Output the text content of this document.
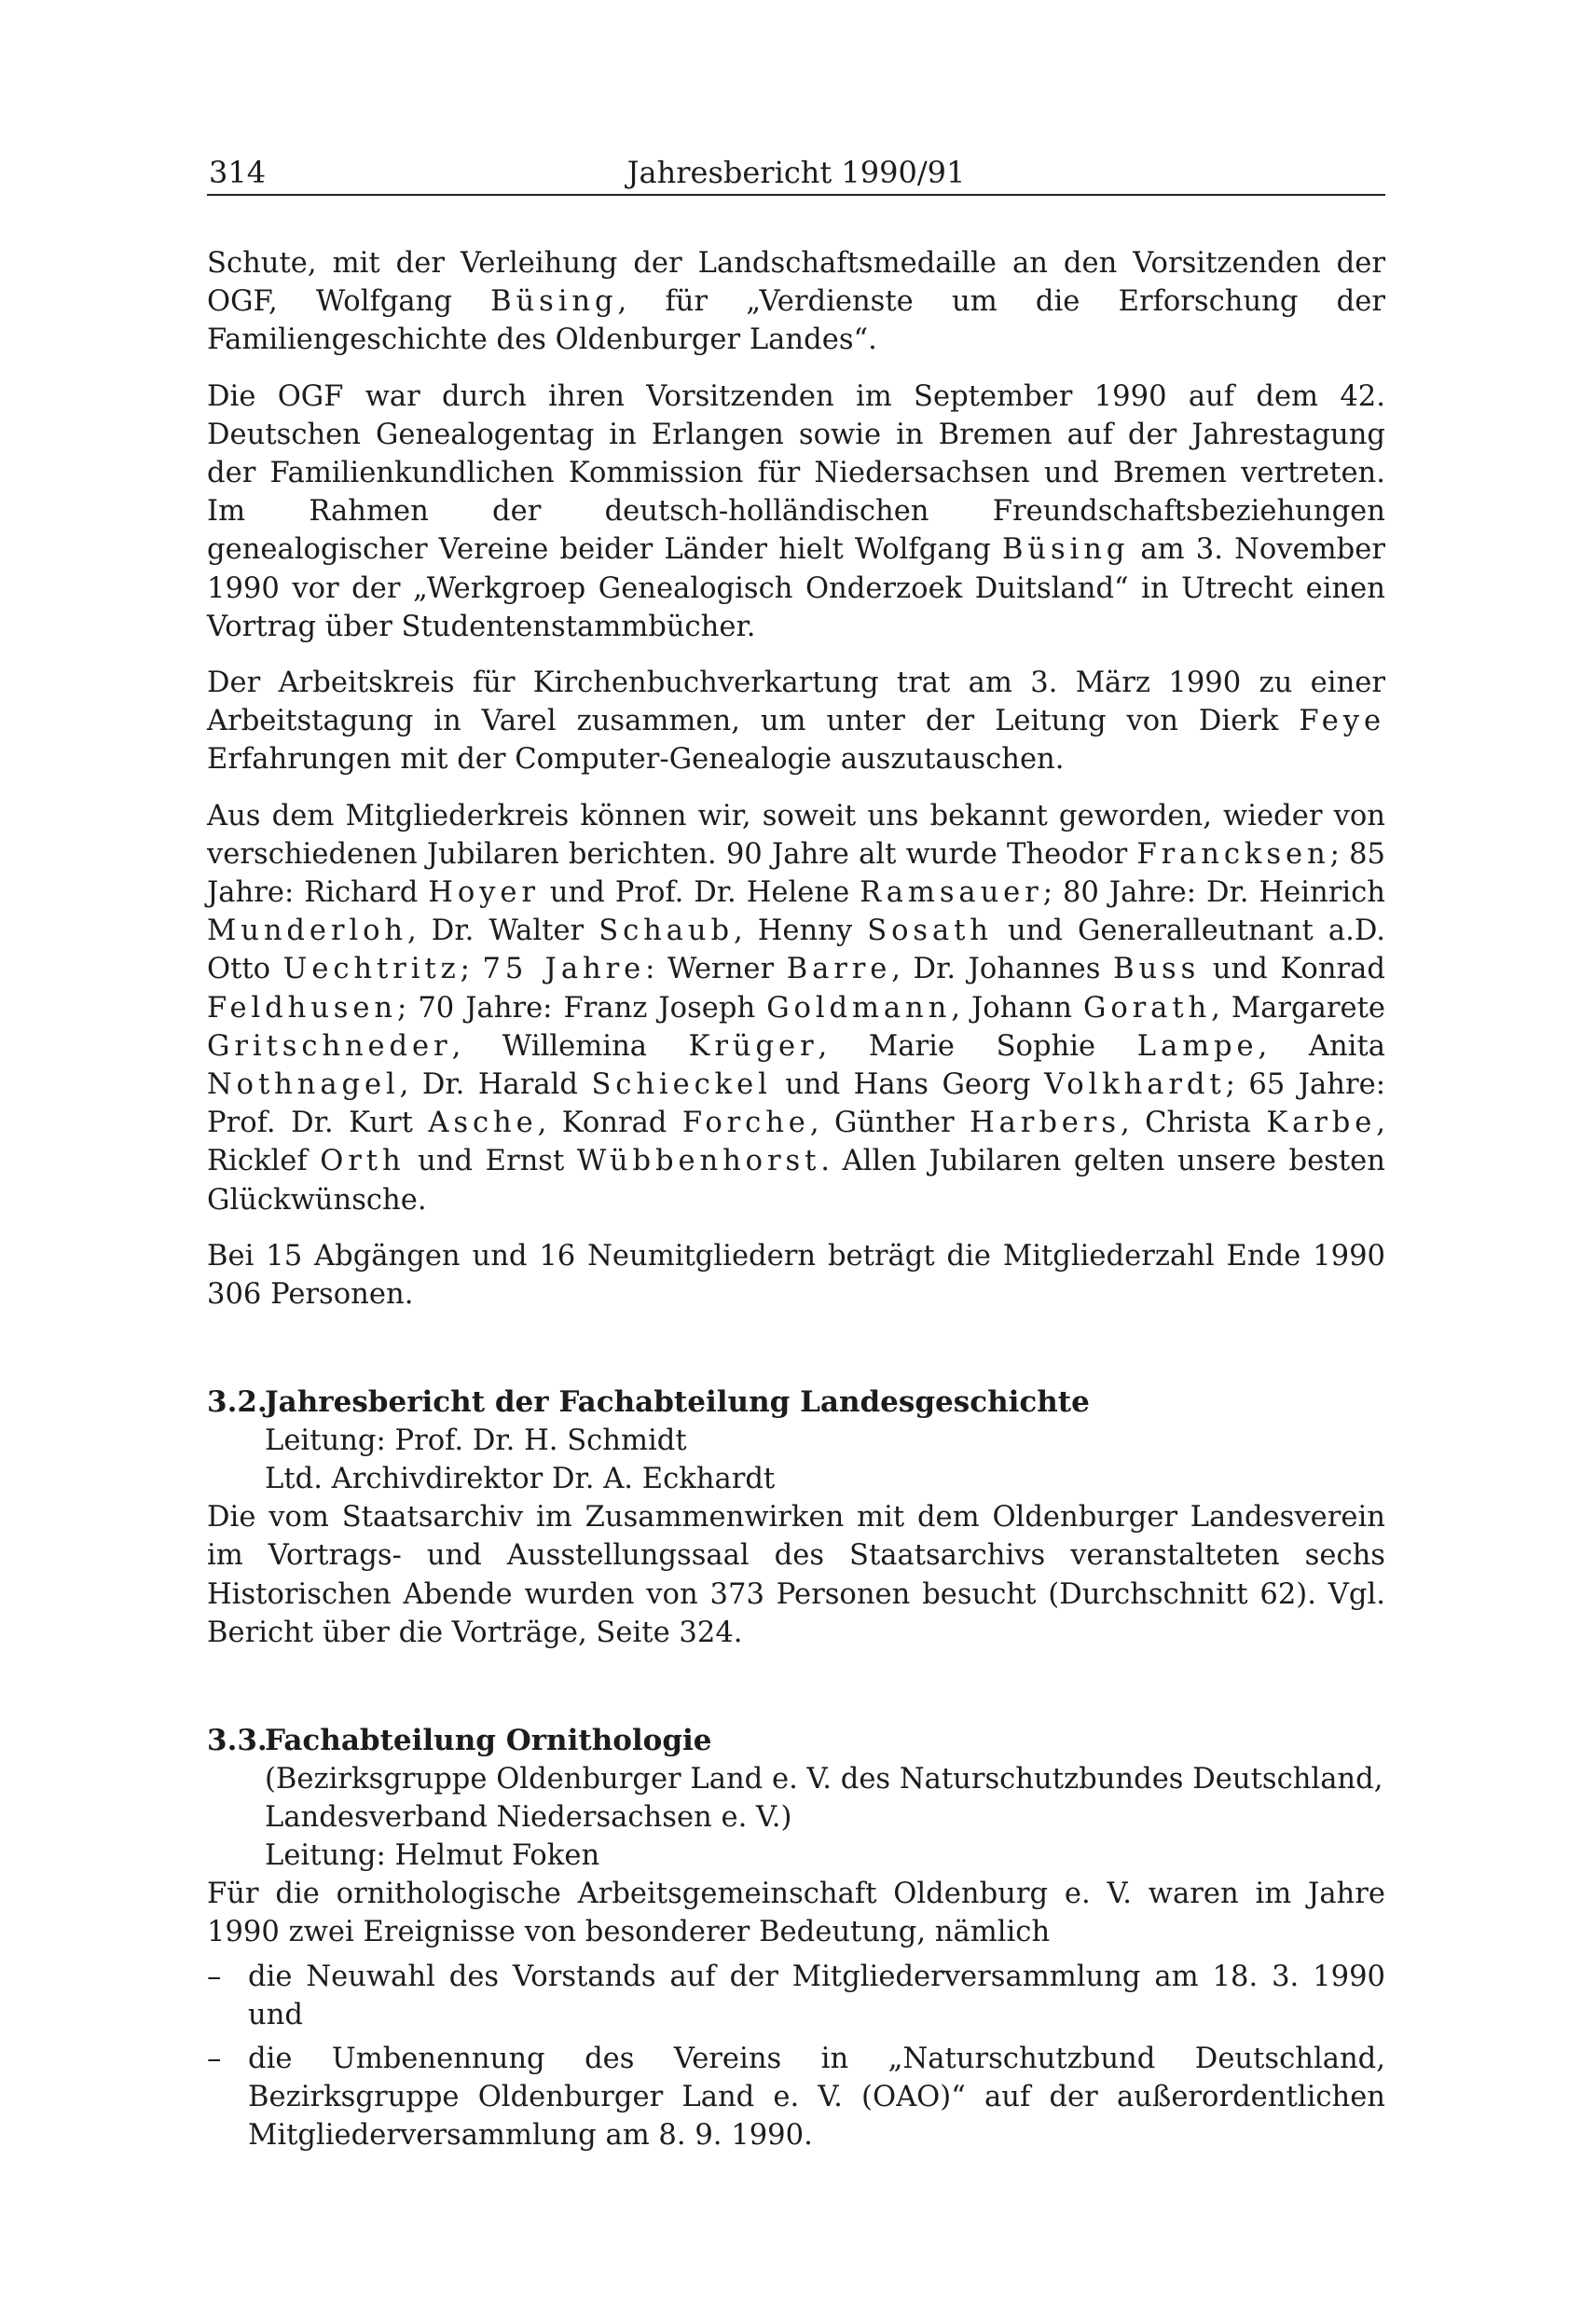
314	Jahresbericht 1990/91

Schute, mit der Verleihung der Landschaftsmedaille an den Vorsitzenden der OGF, Wolfgang Büsing, für „Verdienste um die Erforschung der Familiengeschichte des Oldenburger Landes“.

Die OGF war durch ihren Vorsitzenden im September 1990 auf dem 42. Deutschen Genealogentag in Erlangen sowie in Bremen auf der Jahrestagung der Familienkundlichen Kommission für Niedersachsen und Bremen vertreten. Im Rahmen der deutsch-holländischen Freundschaftsbeziehungen genealogischer Vereine beider Länder hielt Wolfgang Büsing am 3. November 1990 vor der „Werkgroep Genealogisch Onderzoek Duitsland“ in Utrecht einen Vortrag über Studentenstammbücher.

Der Arbeitskreis für Kirchenbuchverkartung trat am 3. März 1990 zu einer Arbeitstagung in Varel zusammen, um unter der Leitung von Dierk Feye Erfahrungen mit der Computer-Genealogie auszutauschen.

Aus dem Mitgliederkreis können wir, soweit uns bekannt geworden, wieder von verschiedenen Jubilaren berichten. 90 Jahre alt wurde Theodor Francksen; 85 Jahre: Richard Hoyer und Prof. Dr. Helene Ramsauer; 80 Jahre: Dr. Heinrich Munderloh, Dr. Walter Schaub, Henny Sosath und Generalleutnant a.D. Otto Uechtritz; 75 Jahre: Werner Barre, Dr. Johannes Buss und Konrad Feldhusen; 70 Jahre: Franz Joseph Goldmann, Johann Gorath, Margarete Gritschneder, Willemina Krüger, Marie Sophie Lampe, Anita Nothnagel, Dr. Harald Schieckel und Hans Georg Volkhardt; 65 Jahre: Prof. Dr. Kurt Asche, Konrad Forche, Günther Harbers, Christa Karbe, Ricklef Orth und Ernst Wübbenhorst. Allen Jubilaren gelten unsere besten Glückwünsche.

Bei 15 Abgängen und 16 Neumitgliedern beträgt die Mitgliederzahl Ende 1990 306 Personen.

3.2.Jahresbericht der Fachabteilung Landesgeschichte
Leitung: Prof. Dr. H. Schmidt
Ltd. Archivdirektor Dr. A. Eckhardt

Die vom Staatsarchiv im Zusammenwirken mit dem Oldenburger Landesverein im Vortrags- und Ausstellungssaal des Staatsarchivs veranstalteten sechs Historischen Abende wurden von 373 Personen besucht (Durchschnitt 62). Vgl. Bericht über die Vorträge, Seite 324.

3.3.Fachabteilung Ornithologie
(Bezirksgruppe Oldenburger Land e. V. des Naturschutzbundes Deutschland,
Landesverband Niedersachsen e. V.)
Leitung: Helmut Foken

Für die ornithologische Arbeitsgemeinschaft Oldenburg e. V. waren im Jahre 1990 zwei Ereignisse von besonderer Bedeutung, nämlich

– die Neuwahl des Vorstands auf der Mitgliederversammlung am 18. 3. 1990 und
– die Umbenennung des Vereins in „Naturschutzbund Deutschland, Bezirksgruppe Oldenburger Land e. V. (OAO)“ auf der außerordentlichen Mitgliederversammlung am 8. 9. 1990.
